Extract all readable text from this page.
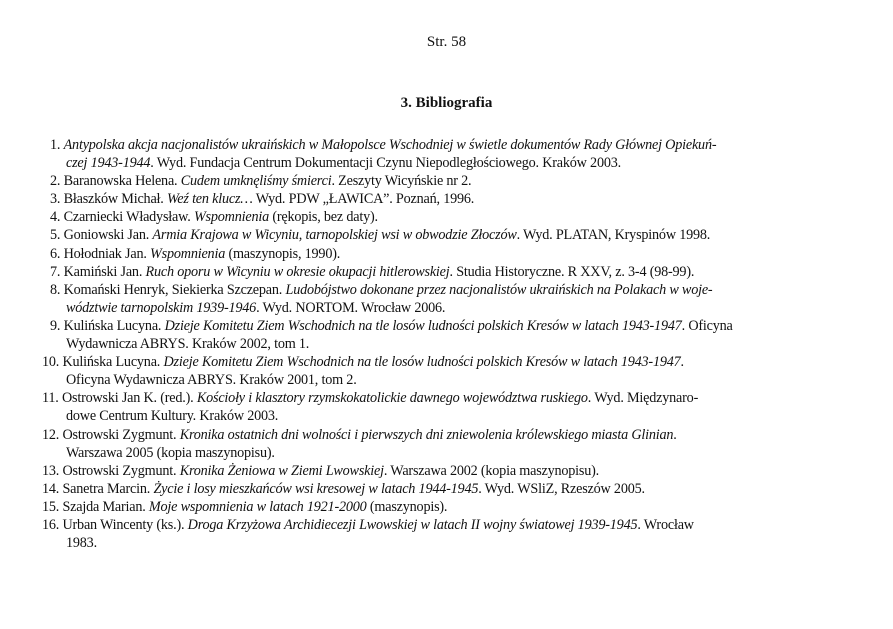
Str. 58
3. Bibliografia
1. Antypolska akcja nacjonalistów ukraińskich w Małopolsce Wschodniej w świetle dokumentów Rady Głównej Opiekuń-
czej 1943-1944. Wyd. Fundacja Centrum Dokumentacji Czynu Niepodległościowego. Kraków 2003.
2. Baranowska Helena. Cudem umknęliśmy śmierci. Zeszyty Wicyńskie nr 2.
3. Błaszków Michał. Weź ten klucz… Wyd. PDW „ŁAWICA”. Poznań, 1996.
4. Czarniecki Władysław. Wspomnienia (rękopis, bez daty).
5. Goniowski Jan. Armia Krajowa w Wicyniu, tarnopolskiej wsi w obwodzie Złoczów. Wyd. PLATAN, Kryspinów 1998.
6. Hołodniak Jan. Wspomnienia (maszynopis, 1990).
7. Kamiński Jan. Ruch oporu w Wicyniu w okresie okupacji hitlerowskiej. Studia Historyczne. R XXV, z. 3-4 (98-99).
8. Komański Henryk, Siekierka Szczepan. Ludobójstwo dokonane przez nacjonalistów ukraińskich na Polakach w woje-
wództwie tarnopolskim 1939-1946. Wyd. NORTOM. Wrocław 2006.
9. Kulińska Lucyna. Dzieje Komitetu Ziem Wschodnich na tle losów ludności polskich Kresów w latach 1943-1947. Oficyna
Wydawnicza ABRYS. Kraków 2002, tom 1.
10. Kulińska Lucyna. Dzieje Komitetu Ziem Wschodnich na tle losów ludności polskich Kresów w latach 1943-1947.
Oficyna Wydawnicza ABRYS. Kraków 2001, tom 2.
11. Ostrowski Jan K. (red.). Kościoły i klasztory rzymskokatolickie dawnego województwa ruskiego. Wyd. Międzynaro-
dowe Centrum Kultury. Kraków 2003.
12. Ostrowski Zygmunt. Kronika ostatnich dni wolności i pierwszych dni zniewolenia królewskiego miasta Glinian.
Warszawa 2005 (kopia maszynopisu).
13. Ostrowski Zygmunt. Kronika Żeniowa w Ziemi Lwowskiej. Warszawa 2002 (kopia maszynopisu).
14. Sanetra Marcin. Życie i losy mieszkańców wsi kresowej w latach 1944-1945. Wyd. WSliZ, Rzeszów 2005.
15. Szajda Marian. Moje wspomnienia w latach 1921-2000 (maszynopis).
16. Urban Wincenty (ks.). Droga Krzyżowa Archidiecezji Lwowskiej w latach II wojny światowej 1939-1945. Wrocław
1983.
